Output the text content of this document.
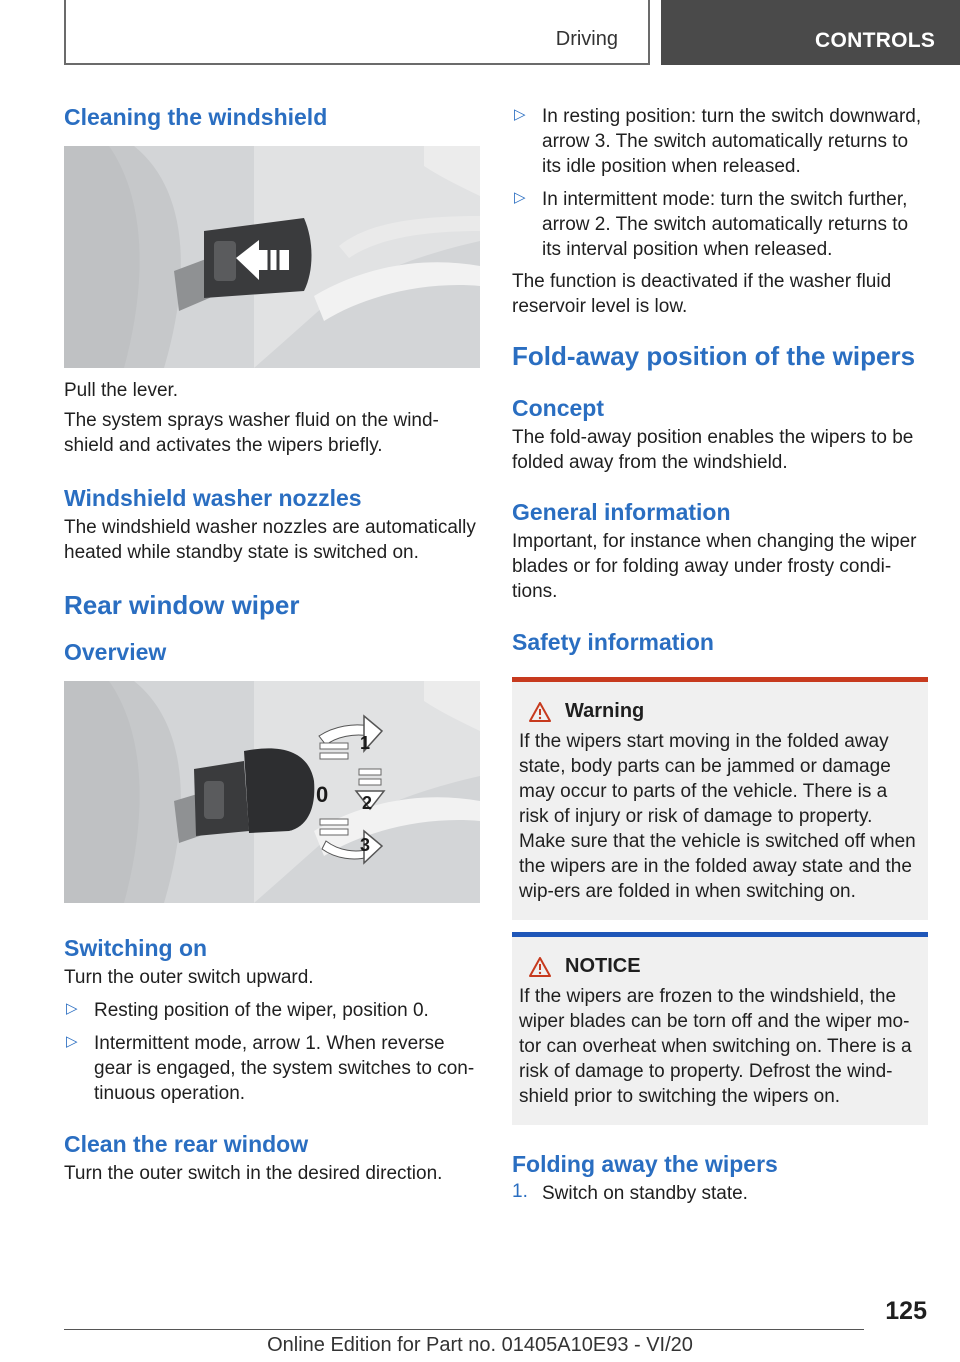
Driving	CONTROLS
Cleaning the windshield

Pull the lever.

The system sprays washer fluid on the wind-shield and activates the wipers briefly.

Windshield washer nozzles

The windshield washer nozzles are automatically heated while standby state is switched on.

Rear window wiper
Overview
1
0 2
3
Switching on

Turn the outer switch upward.

▷ Resting position of the wiper, position 0.
▷ Intermittent mode, arrow 1. When reverse gear is engaged, the system switches to con-tinuous operation.
Clean the rear window

Turn the outer switch in the desired direction.

▷ In resting position: turn the switch downward, arrow 3. The switch automatically returns to its idle position when released.
▷ In intermittent mode: turn the switch further, arrow 2. The switch automatically returns to its interval position when released.

The function is deactivated if the washer fluid reservoir level is low.

Fold-away position of the wipers
Concept

The fold-away position enables the wipers to be folded away from the windshield.

General information

Important, for instance when changing the wiper blades or for folding away under frosty condi-tions.

Safety information
Warning

If the wipers start moving in the folded away state, body parts can be jammed or damage may occur to parts of the vehicle. There is a risk of injury or risk of damage to property. Make sure that the vehicle is switched off when the wipers are in the folded away state and the wip-ers are folded in when switching on.

NOTICE

If the wipers are frozen to the windshield, the wiper blades can be torn off and the wiper mo-tor can overheat when switching on. There is a risk of damage to property. Defrost the wind-shield prior to switching the wipers on.

Folding away the wipers
1. Switch on standby state.
125
Online Edition for Part no. 01405A10E93 - VI/20
